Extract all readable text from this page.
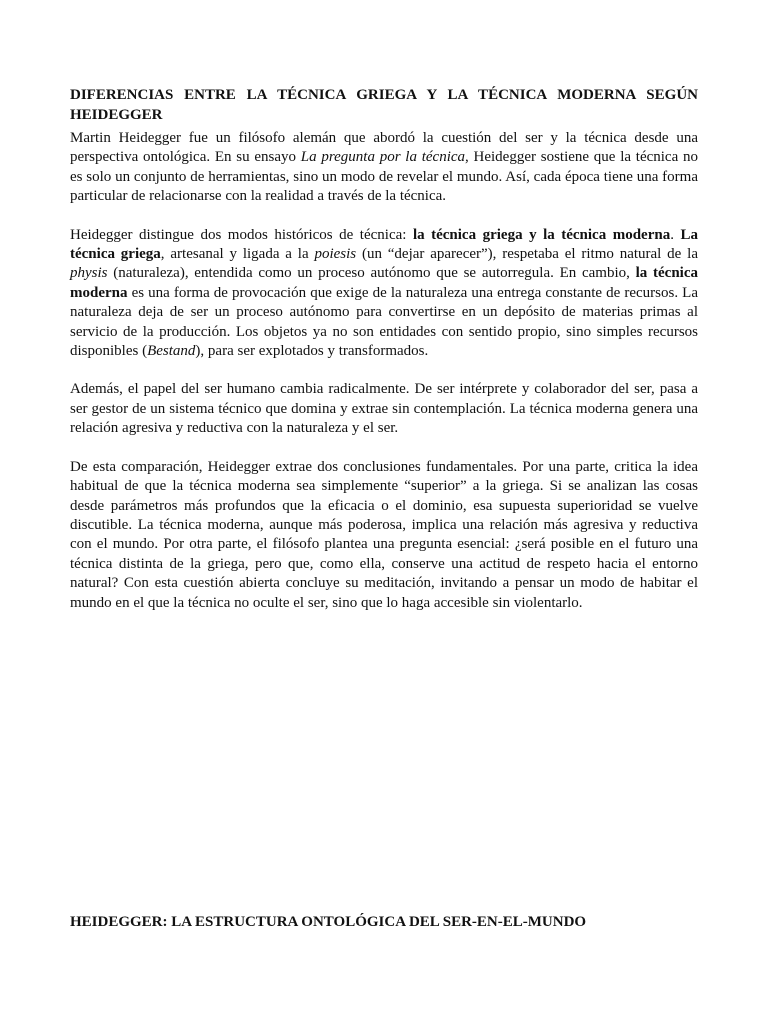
DIFERENCIAS ENTRE LA TÉCNICA GRIEGA Y LA TÉCNICA MODERNA SEGÚN HEIDEGGER

Martin Heidegger fue un filósofo alemán que abordó la cuestión del ser y la técnica desde una perspectiva ontológica. En su ensayo La pregunta por la técnica, Heidegger sostiene que la técnica no es solo un conjunto de herramientas, sino un modo de revelar el mundo. Así, cada época tiene una forma particular de relacionarse con la realidad a través de la técnica.

Heidegger distingue dos modos históricos de técnica: la técnica griega y la técnica moderna. La técnica griega, artesanal y ligada a la poiesis (un “dejar aparecer”), respetaba el ritmo natural de la physis (naturaleza), entendida como un proceso autónomo que se autorregula. En cambio, la técnica moderna es una forma de provocación que exige de la naturaleza una entrega constante de recursos. La naturaleza deja de ser un proceso autónomo para convertirse en un depósito de materias primas al servicio de la producción. Los objetos ya no son entidades con sentido propio, sino simples recursos disponibles (Bestand), para ser explotados y transformados.

Además, el papel del ser humano cambia radicalmente. De ser intérprete y colaborador del ser, pasa a ser gestor de un sistema técnico que domina y extrae sin contemplación. La técnica moderna genera una relación agresiva y reductiva con la naturaleza y el ser.

De esta comparación, Heidegger extrae dos conclusiones fundamentales. Por una parte, critica la idea habitual de que la técnica moderna sea simplemente “superior” a la griega. Si se analizan las cosas desde parámetros más profundos que la eficacia o el dominio, esa supuesta superioridad se vuelve discutible. La técnica moderna, aunque más poderosa, implica una relación más agresiva y reductiva con el mundo. Por otra parte, el filósofo plantea una pregunta esencial: ¿será posible en el futuro una técnica distinta de la griega, pero que, como ella, conserve una actitud de respeto hacia el entorno natural? Con esta cuestión abierta concluye su meditación, invitando a pensar un modo de habitar el mundo en el que la técnica no oculte el ser, sino que lo haga accesible sin violentarlo.

HEIDEGGER: LA ESTRUCTURA ONTOLÓGICA DEL SER-EN-EL-MUNDO
